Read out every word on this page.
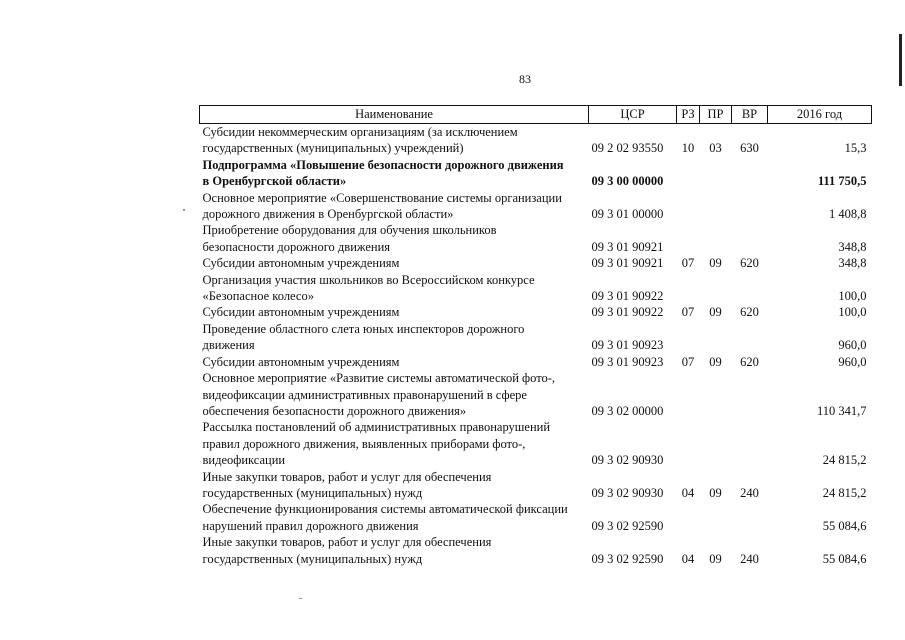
83
Наименование	ЦСР	РЗ	ПР	ВР	2016 год

Субсидии некоммерческим организациям (за исключением
государственных (муниципальных) учреждений)	09 2 02 93550	10	03	630	15,3

Подпрограмма «Повышение безопасности дорожного движения
в Оренбургской области»	09 3 00 00000				111 750,5

Основное мероприятие «Совершенствование системы организации
дорожного движения в Оренбургской области»	09 3 01 00000				1 408,8

Приобретение оборудования для обучения школьников
безопасности дорожного движения	09 3 01 90921				348,8

Субсидии автономным учреждениям	09 3 01 90921	07	09	620	348,8

Организация участия школьников во Всероссийском конкурсе
«Безопасное колесо»	09 3 01 90922				100,0

Субсидии автономным учреждениям	09 3 01 90922	07	09	620	100,0

Проведение областного слета юных инспекторов дорожного
движения	09 3 01 90923				960,0

Субсидии автономным учреждениям	09 3 01 90923	07	09	620	960,0

Основное мероприятие «Развитие системы автоматической фото-,
видеофиксации административных правонарушений в сфере
обеспечения безопасности дорожного движения»	09 3 02 00000				110 341,7

Рассылка постановлений об административных правонарушений
правил дорожного движения, выявленных приборами фото-,
видеофиксации	09 3 02 90930				24 815,2

Иные закупки товаров, работ и услуг для обеспечения
государственных (муниципальных) нужд	09 3 02 90930	04	09	240	24 815,2

Обеспечение функционирования системы автоматической фиксации
нарушений правил дорожного движения	09 3 02 92590				55 084,6

Иные закупки товаров, работ и услуг для обеспечения
государственных (муниципальных) нужд	09 3 02 92590	04	09	240	55 084,6
